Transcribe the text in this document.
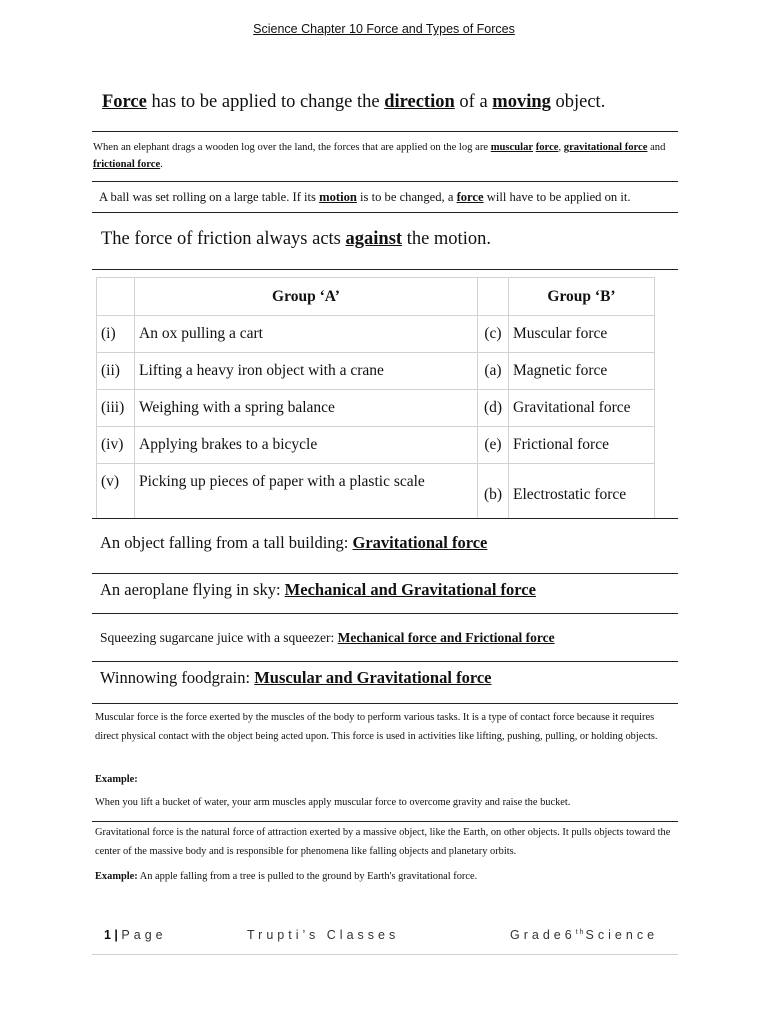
Science Chapter 10 Force and Types of Forces
Force has to be applied to change the direction of a moving object.
When an elephant drags a wooden log over the land, the forces that are applied on the log are muscular force, gravitational force and frictional force.
A ball was set rolling on a large table. If its motion is to be changed, a force will have to be applied on it.
The force of friction always acts against the motion.
	Group ‘A’		Group ‘B’
(i)	An ox pulling a cart	(c)	Muscular force
(ii)	Lifting a heavy iron object with a crane	(a)	Magnetic force
(iii)	Weighing with a spring balance	(d)	Gravitational force
(iv)	Applying brakes to a bicycle	(e)	Frictional force
(v)	Picking up pieces of paper with a plastic scale	(b)	Electrostatic force
An object falling from a tall building: Gravitational force
An aeroplane flying in sky: Mechanical and Gravitational force
Squeezing sugarcane juice with a squeezer: Mechanical force and Frictional force
Winnowing foodgrain: Muscular and Gravitational force
Muscular force is the force exerted by the muscles of the body to perform various tasks. It is a type of contact force because it requires direct physical contact with the object being acted upon. This force is used in activities like lifting, pushing, pulling, or holding objects.
Example:
When you lift a bucket of water, your arm muscles apply muscular force to overcome gravity and raise the bucket.
Gravitational force is the natural force of attraction exerted by a massive object, like the Earth, on other objects. It pulls objects toward the center of the massive body and is responsible for phenomena like falling objects and planetary orbits.
Example: An apple falling from a tree is pulled to the ground by Earth's gravitational force.
1 | Page	Trupti’s Classes	Grade6thScience
